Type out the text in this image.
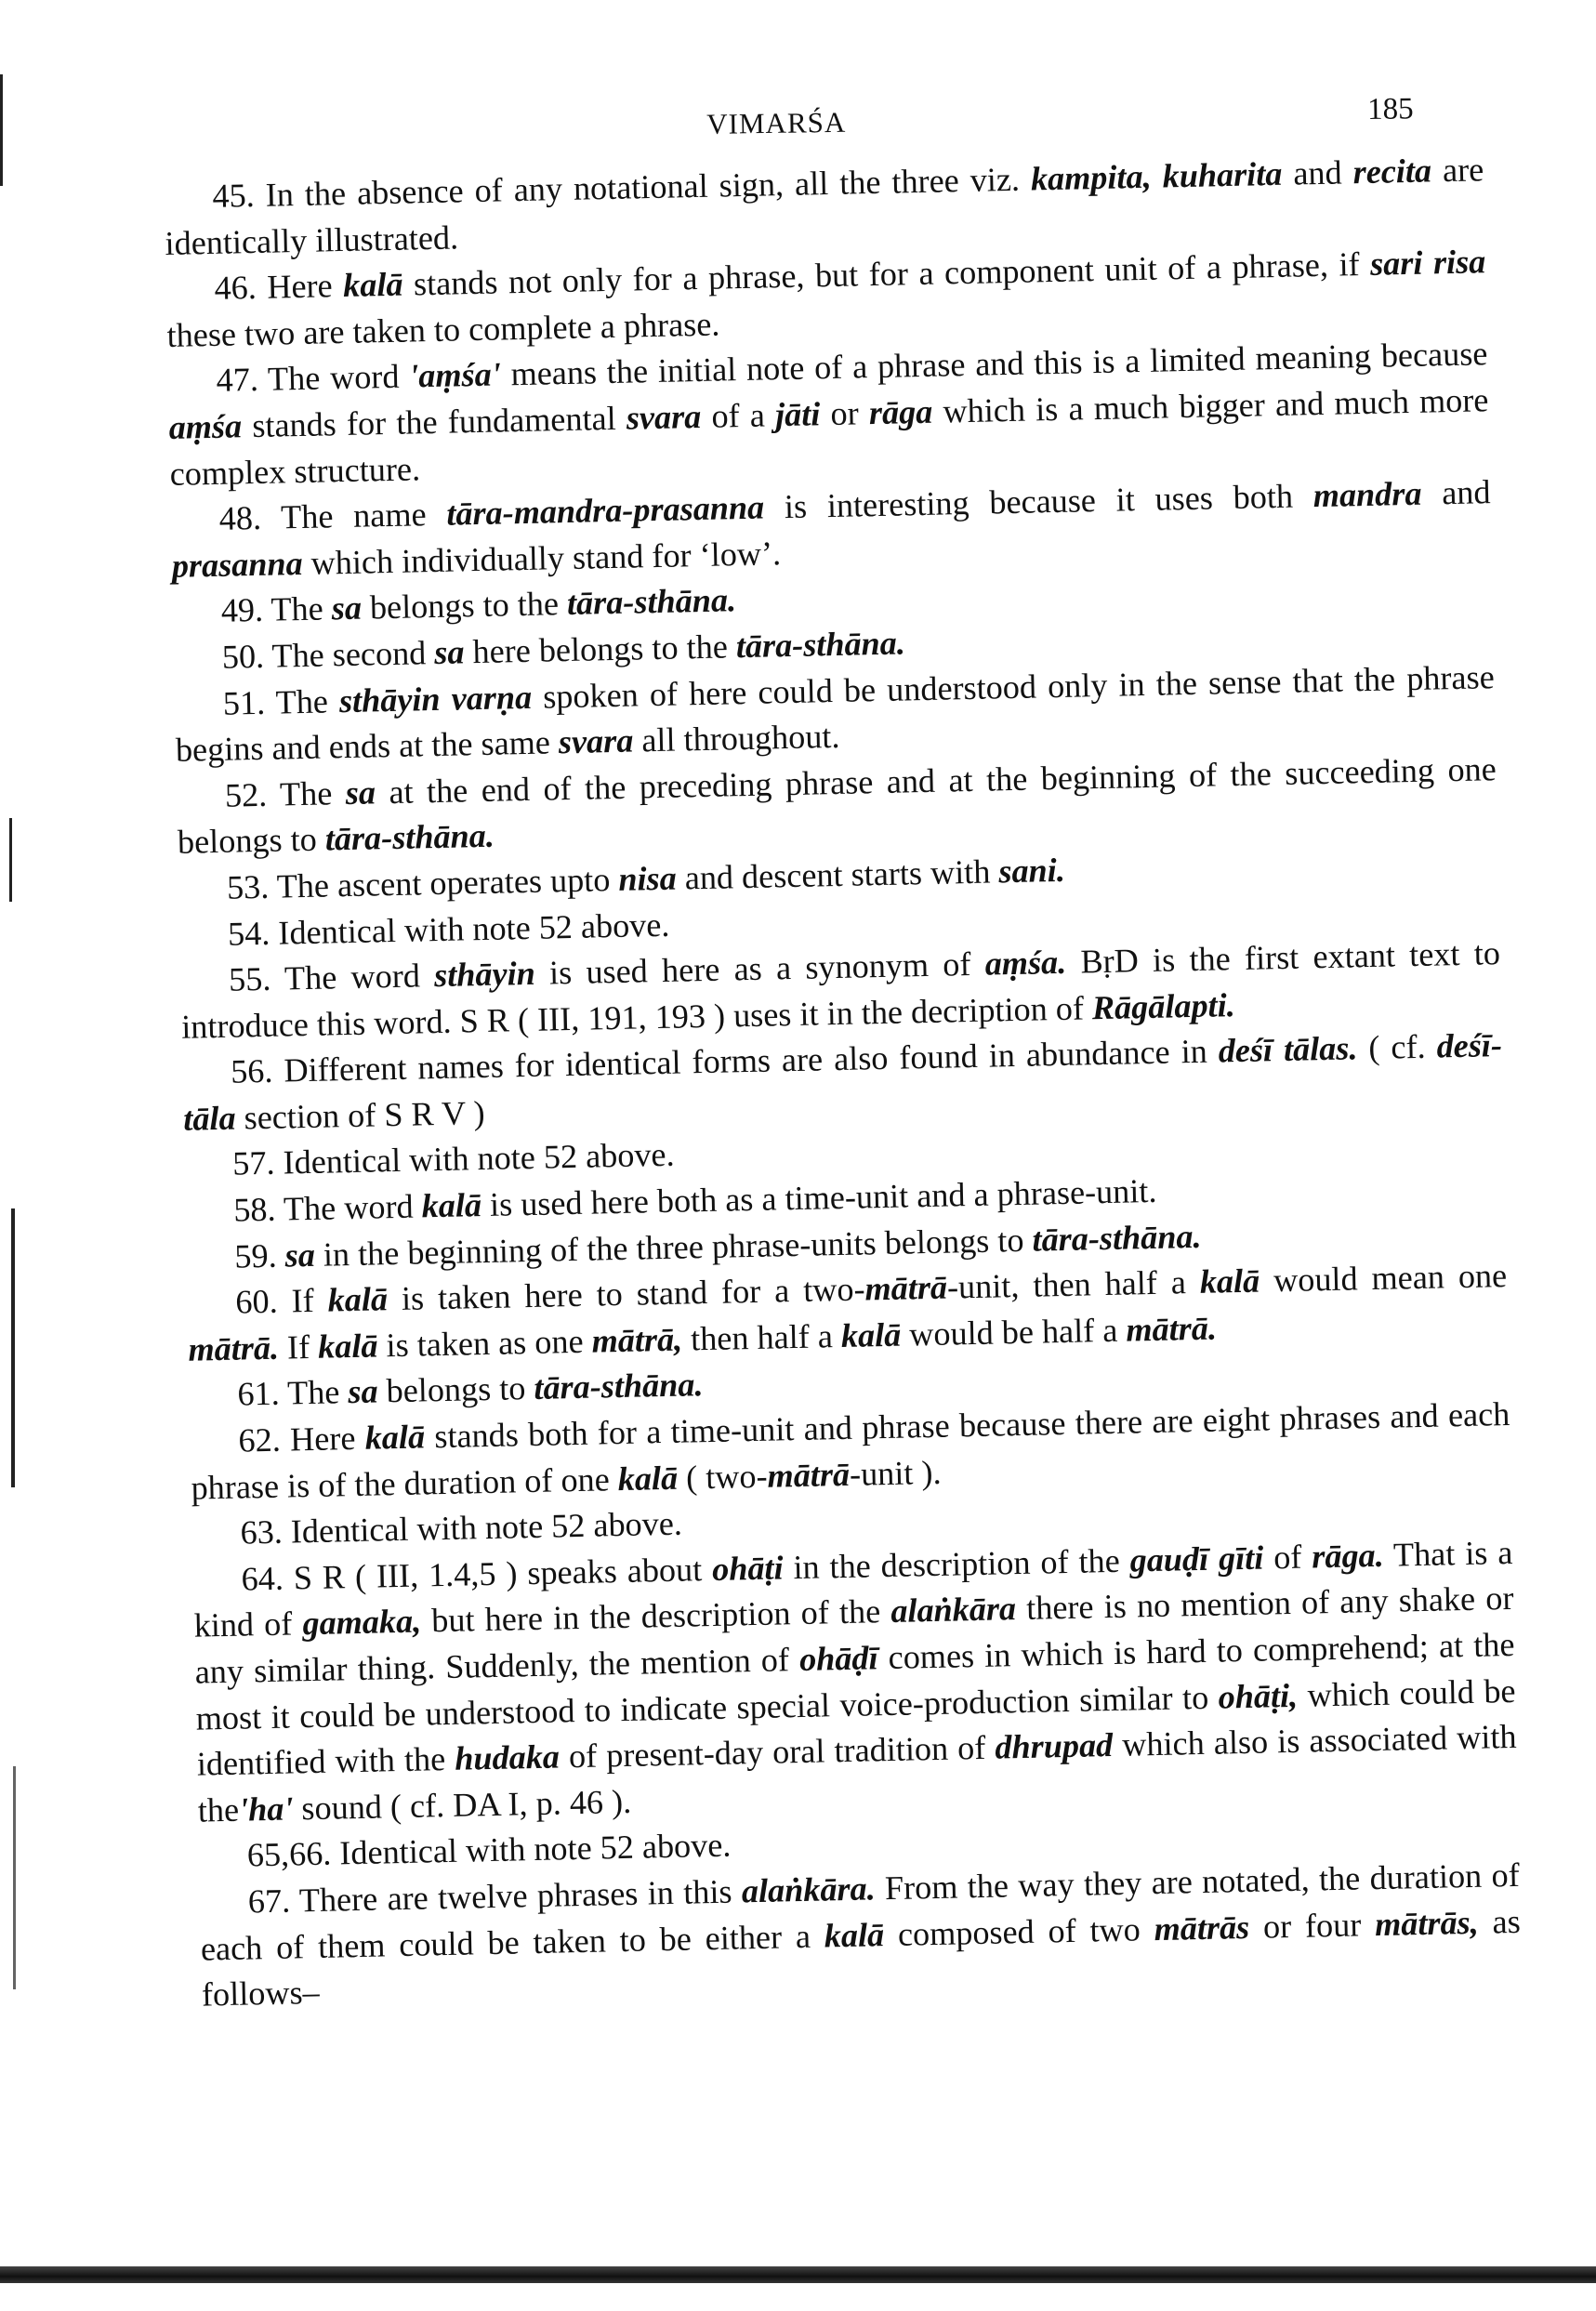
VIMARŚA	185

45. In the absence of any notational sign, all the three viz. kampita, kuharita and recita are identically illustrated.

46. Here kalā stands not only for a phrase, but for a component unit of a phrase, if sari risa these two are taken to complete a phrase.

47. The word 'aṃśa' means the initial note of a phrase and this is a limited meaning because aṃśa stands for the fundamental svara of a jāti or rāga which is a much bigger and much more complex structure.

48. The name tāra-mandra-prasanna is interesting because it uses both mandra and prasanna which individually stand for ‘low’.

49. The sa belongs to the tāra-sthāna.

50. The second sa here belongs to the tāra-sthāna.

51. The sthāyin varṇa spoken of here could be understood only in the sense that the phrase begins and ends at the same svara all throughout.

52. The sa at the end of the preceding phrase and at the beginning of the succeeding one belongs to tāra-sthāna.

53. The ascent operates upto nisa and descent starts with sani.

54. Identical with note 52 above.

55. The word sthāyin is used here as a synonym of aṃśa. BṛD is the first extant text to introduce this word. S R ( III, 191, 193 ) uses it in the decription of Rāgālapti.

56. Different names for identical forms are also found in abundance in deśī tālas. ( cf. deśī-tāla section of S R V )

57. Identical with note 52 above.

58. The word kalā is used here both as a time-unit and a phrase-unit.

59. sa in the beginning of the three phrase-units belongs to tāra-sthāna.

60. If kalā is taken here to stand for a two-mātrā-unit, then half a kalā would mean one mātrā. If kalā is taken as one mātrā, then half a kalā would be half a mātrā.

61. The sa belongs to tāra-sthāna.

62. Here kalā stands both for a time-unit and phrase because there are eight phrases and each phrase is of the duration of one kalā ( two-mātrā-unit ).

63. Identical with note 52 above.

64. S R ( III, 1.4,5 ) speaks about ohāṭi in the description of the gauḍī gīti of rāga. That is a kind of gamaka, but here in the description of the alaṅkāra there is no mention of any shake or any similar thing. Suddenly, the mention of ohāḍī comes in which is hard to comprehend; at the most it could be understood to indicate special voice-production similar to ohāṭi, which could be identified with the hudaka of present-day oral tradition of dhrupad which also is associated with the'ha' sound ( cf. DA I, p. 46 ).

65,66. Identical with note 52 above.

67. There are twelve phrases in this alaṅkāra. From the way they are notated, the duration of each of them could be taken to be either a kalā composed of two mātrās or four mātrās, as follows–
